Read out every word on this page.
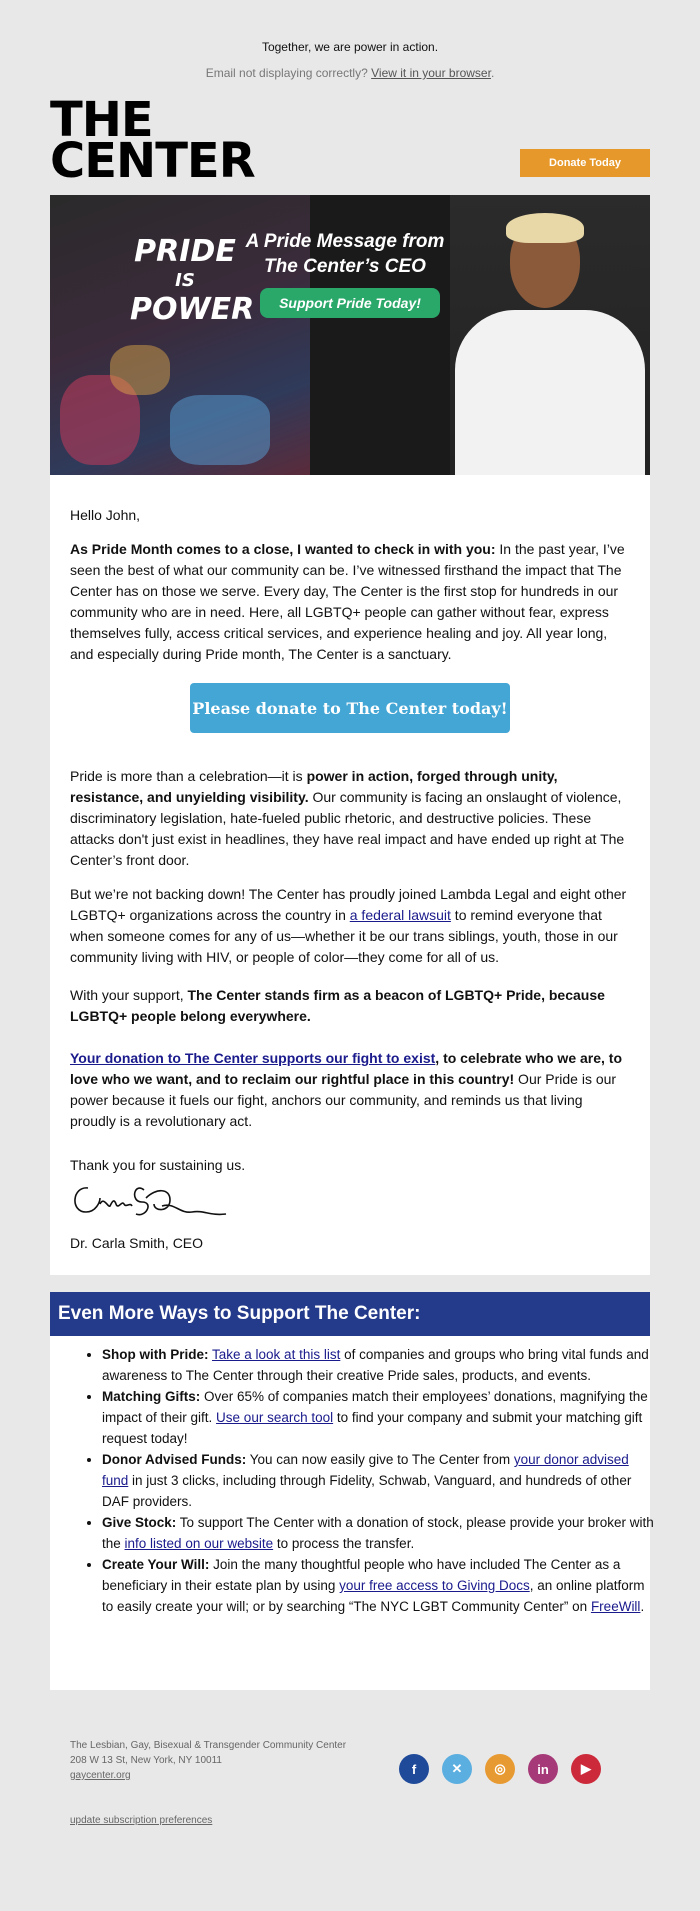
Together, we are power in action.
Email not displaying correctly? View it in your browser.
THE
CENTER	Donate Today
PRIDE
IS
POWER
A Pride Message from
The Center’s CEO
Support Pride Today!

Hello John,

As Pride Month comes to a close, I wanted to check in with you: In the past year, I’ve seen the best of what our community can be. I’ve witnessed firsthand the impact that The Center has on those we serve. Every day, The Center is the first stop for hundreds in our community who are in need. Here, all LGBTQ+ people can gather without fear, express themselves fully, access critical services, and experience healing and joy. All year long, and especially during Pride month, The Center is a sanctuary.

Pride is more than a celebration—it is power in action, forged through unity, resistance, and unyielding visibility. Our community is facing an onslaught of violence, discriminatory legislation, hate-fueled public rhetoric, and destructive policies. These attacks don't just exist in headlines, they have real impact and have ended up right at The Center’s front door.

But we’re not backing down! The Center has proudly joined Lambda Legal and eight other LGBTQ+ organizations across the country in a federal lawsuit to remind everyone that when someone comes for any of us—whether it be our trans siblings, youth, those in our community living with HIV, or people of color—they come for all of us.

With your support, The Center stands firm as a beacon of LGBTQ+ Pride, because LGBTQ+ people belong everywhere.

Your donation to The Center supports our fight to exist, to celebrate who we are, to love who we want, and to reclaim our rightful place in this country! Our Pride is our power because it fuels our fight, anchors our community, and reminds us that living proudly is a revolutionary act.

Thank you for sustaining us.

Please donate to The Center today!
Dr. Carla Smith, CEO
Even More Ways to Support The Center:
• Shop with Pride: Take a look at this list of companies and groups who bring vital funds and awareness to The Center through their creative Pride sales, products, and events.
• Matching Gifts: Over 65% of companies match their employees’ donations, magnifying the impact of their gift. Use our search tool to find your company and submit your matching gift request today!
• Donor Advised Funds: You can now easily give to The Center from your donor advised fund in just 3 clicks, including through Fidelity, Schwab, Vanguard, and hundreds of other DAF providers.
• Give Stock: To support The Center with a donation of stock, please provide your broker with the info listed on our website to process the transfer.
• Create Your Will: Join the many thoughtful people who have included The Center as a beneficiary in their estate plan by using your free access to Giving Docs, an online platform to easily create your will; or by searching “The NYC LGBT Community Center” on FreeWill.
The Lesbian, Gay, Bisexual & Transgender Community Center
208 W 13 St, New York, NY 10011
gaycenter.org	f	✕	◎	in	▶
update subscription preferences
